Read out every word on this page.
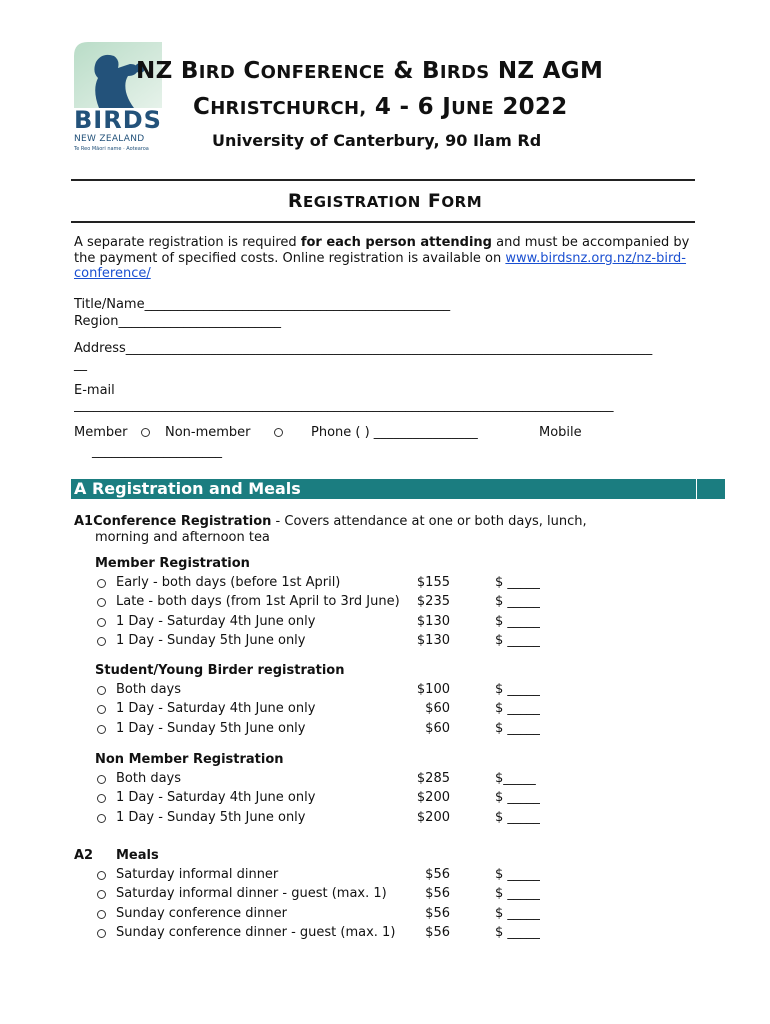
BIRDS
NEW ZEALAND
Te Reo Māori name · Aotearoa
NZ BIRD CONFERENCE & BIRDS NZ AGM
CHRISTCHURCH, 4 - 6 JUNE 2022
University of Canterbury, 90 Ilam Rd
REGISTRATION FORM
A separate registration is required for each person attending and must be accompanied by the payment of specified costs. Online registration is available on www.birdsnz.org.nz/nz-bird-conference/
Title/Name_______________________________________________
Region_________________________
Address_________________________________________________________________________________
__
E-mail
___________________________________________________________________________________
Member	Non-member	Phone ( ) ________________	Mobile
____________________
A Registration and Meals
A1Conference Registration - Covers attendance at one or both days, lunch,
morning and afternoon tea
Member Registration
Early - both days (before 1st April)	$155	$ _____
Late - both days (from 1st April to 3rd June) $235	$ _____
1 Day - Saturday 4th June only	$130	$ _____
1 Day - Sunday 5th June only	$130	$ _____
Student/Young Birder registration
Both days	$100	$ _____
1 Day - Saturday 4th June only	$60	$ _____
1 Day - Sunday 5th June only	$60	$ _____
Non Member Registration
Both days	$285	$_____
1 Day - Saturday 4th June only	$200	$ _____
1 Day - Sunday 5th June only	$200	$ _____
A2 Meals
Saturday informal dinner	$56	$ _____
Saturday informal dinner - guest (max. 1)	$56	$ _____
Sunday conference dinner	$56	$ _____
Sunday conference dinner - guest (max. 1) $56	$ _____
